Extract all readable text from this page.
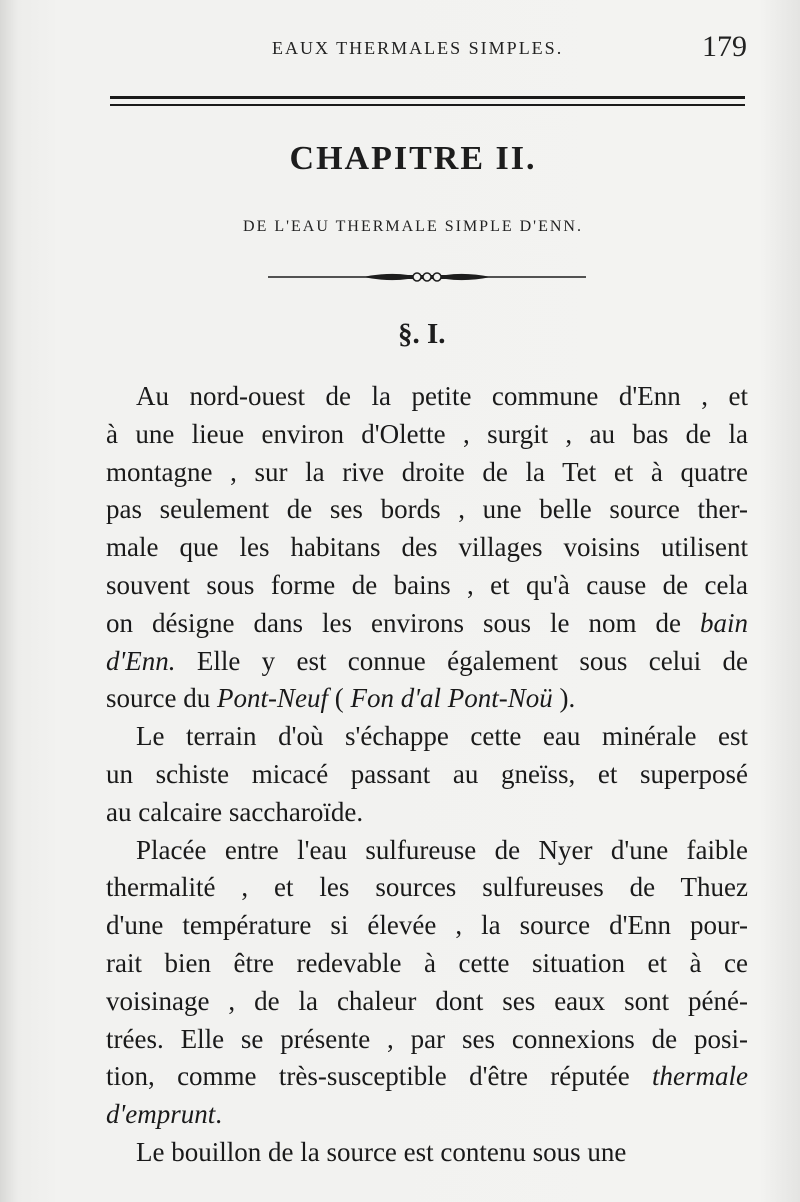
EAUX THERMALES SIMPLES.	179
CHAPITRE II.
DE L'EAU THERMALE SIMPLE D'ENN.
§. I.
Au nord-ouest de la petite commune d'Enn , et
à une lieue environ d'Olette , surgit , au bas de la
montagne , sur la rive droite de la Tet et à quatre
pas seulement de ses bords , une belle source ther-
male que les habitans des villages voisins utilisent
souvent sous forme de bains , et qu'à cause de cela
on désigne dans les environs sous le nom de bain
d'Enn. Elle y est connue également sous celui de
source du Pont-Neuf ( Fon d'al Pont-Noü ).
Le terrain d'où s'échappe cette eau minérale est
un schiste micacé passant au gneïss, et superposé
au calcaire saccharoïde.
Placée entre l'eau sulfureuse de Nyer d'une faible
thermalité , et les sources sulfureuses de Thuez
d'une température si élevée , la source d'Enn pour-
rait bien être redevable à cette situation et à ce
voisinage , de la chaleur dont ses eaux sont péné-
trées. Elle se présente , par ses connexions de posi-
tion, comme très-susceptible d'être réputée thermale
d'emprunt.
Le bouillon de la source est contenu sous une
